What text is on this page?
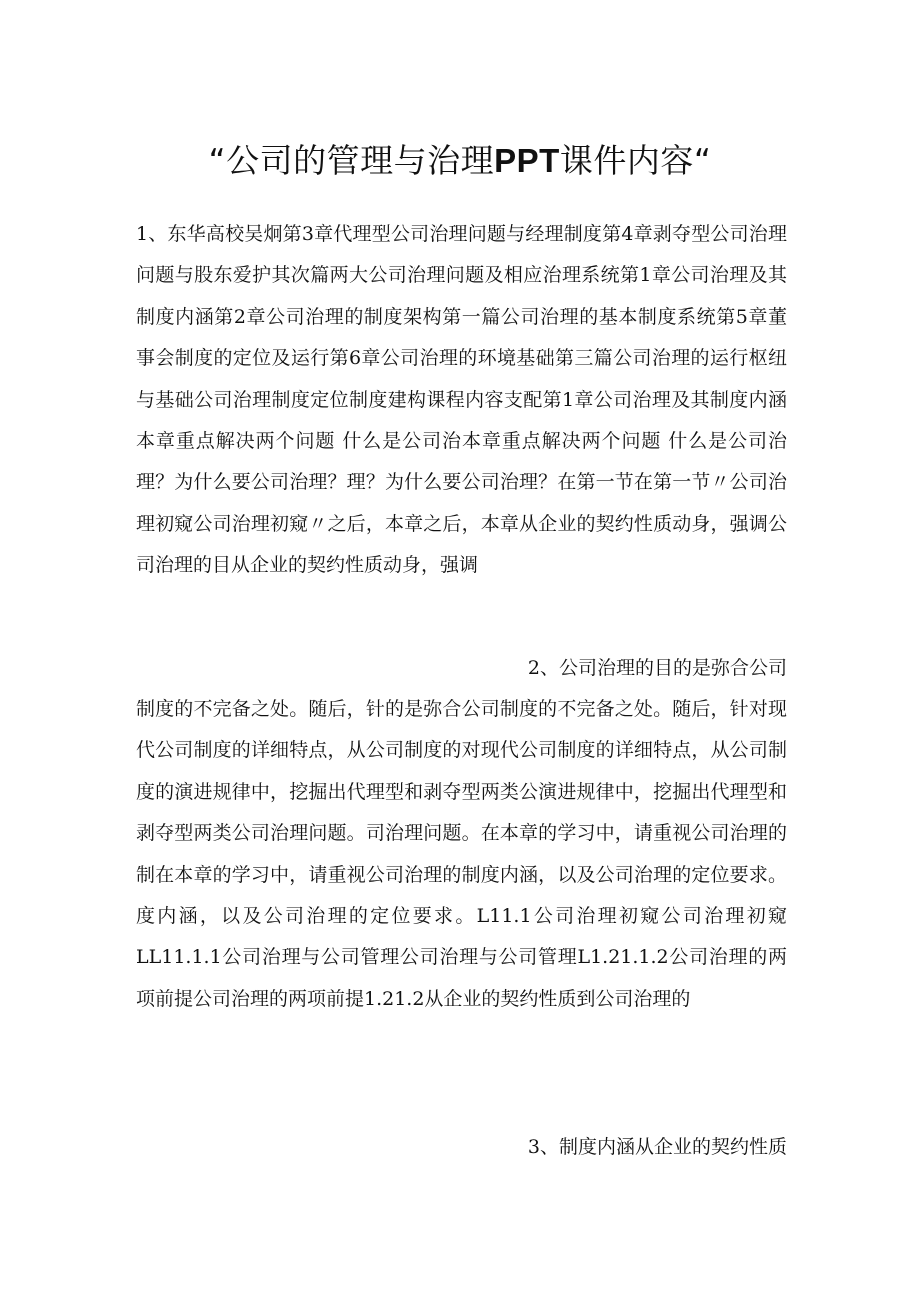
“公司的管理与治理PPT课件内容“

1、东华高校吴炯第3章代理型公司治理问题与经理制度第4章剥夺型公司治理问题与股东爱护其次篇两大公司治理问题及相应治理系统第1章公司治理及其制度内涵第2章公司治理的制度架构第一篇公司治理的基本制度系统第5章董事会制度的定位及运行第6章公司治理的环境基础第三篇公司治理的运行枢纽与基础公司治理制度定位制度建构课程内容支配第1章公司治理及其制度内涵本章重点解决两个问题 什么是公司治本章重点解决两个问题 什么是公司治理？为什么要公司治理？理？为什么要公司治理？在第一节在第一节〃公司治理初窥公司治理初窥〃之后，本章之后，本章从企业的契约性质动身，强调公司治理的目从企业的契约性质动身，强调

2、公司治理的目的是弥合公司

制度的不完备之处。随后，针的是弥合公司制度的不完备之处。随后，针对现代公司制度的详细特点，从公司制度的对现代公司制度的详细特点，从公司制度的演进规律中，挖掘出代理型和剥夺型两类公演进规律中，挖掘出代理型和剥夺型两类公司治理问题。司治理问题。在本章的学习中，请重视公司治理的制在本章的学习中，请重视公司治理的制度内涵，以及公司治理的定位要求。度内涵，以及公司治理的定位要求。L11.1公司治理初窥公司治理初窥LL11.1.1公司治理与公司管理公司治理与公司管理L1.21.1.2公司治理的两项前提公司治理的两项前提1.21.2从企业的契约性质到公司治理的

3、制度内涵从企业的契约性质
